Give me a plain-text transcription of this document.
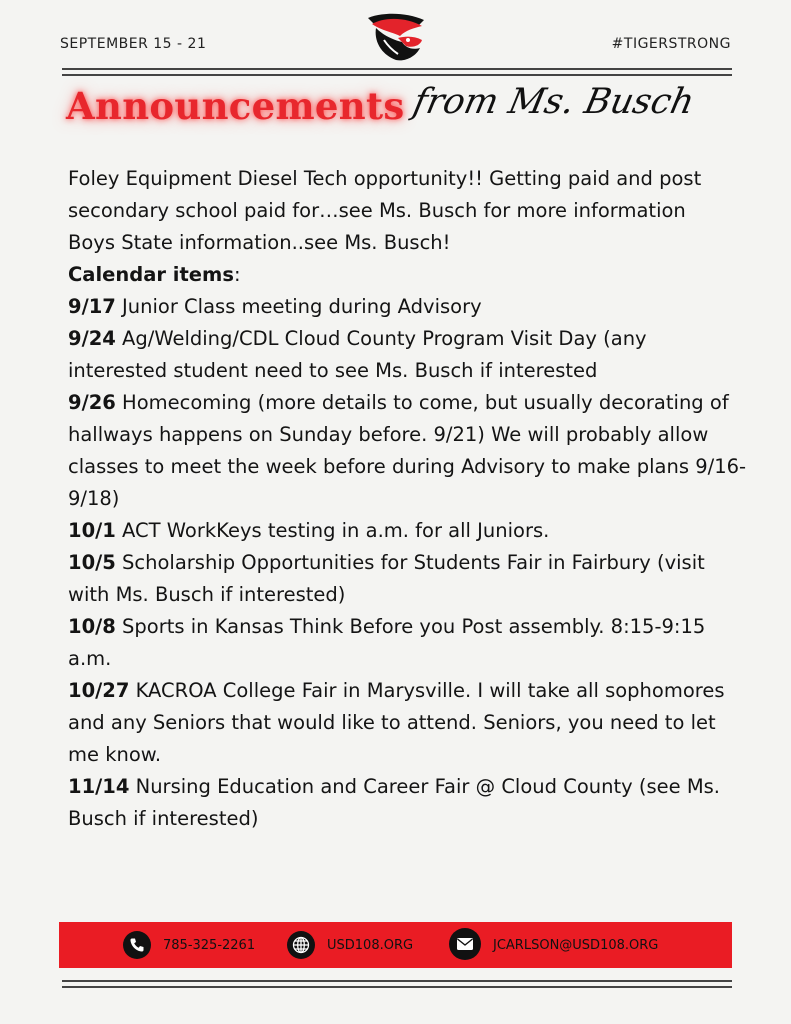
SEPTEMBER 15 - 21	#TIGERSTRONG
Announcements from Ms. Busch

Foley Equipment Diesel Tech opportunity!! Getting paid and post secondary school paid for…see Ms. Busch for more information

Boys State information..see Ms. Busch!

Calendar items:

9/17 Junior Class meeting during Advisory

9/24 Ag/Welding/CDL Cloud County Program Visit Day (any interested student need to see Ms. Busch if interested

9/26 Homecoming (more details to come, but usually decorating of hallways happens on Sunday before. 9/21) We will probably allow classes to meet the week before during Advisory to make plans 9/16-9/18)

10/1 ACT WorkKeys testing in a.m. for all Juniors.

10/5 Scholarship Opportunities for Students Fair in Fairbury (visit with Ms. Busch if interested)

10/8 Sports in Kansas Think Before you Post assembly. 8:15-9:15 a.m.

10/27 KACROA College Fair in Marysville. I will take all sophomores and any Seniors that would like to attend. Seniors, you need to let me know.

11/14 Nursing Education and Career Fair @ Cloud County (see Ms. Busch if interested)

785-325-2261	USD108.ORG	JCARLSON@USD108.ORG
